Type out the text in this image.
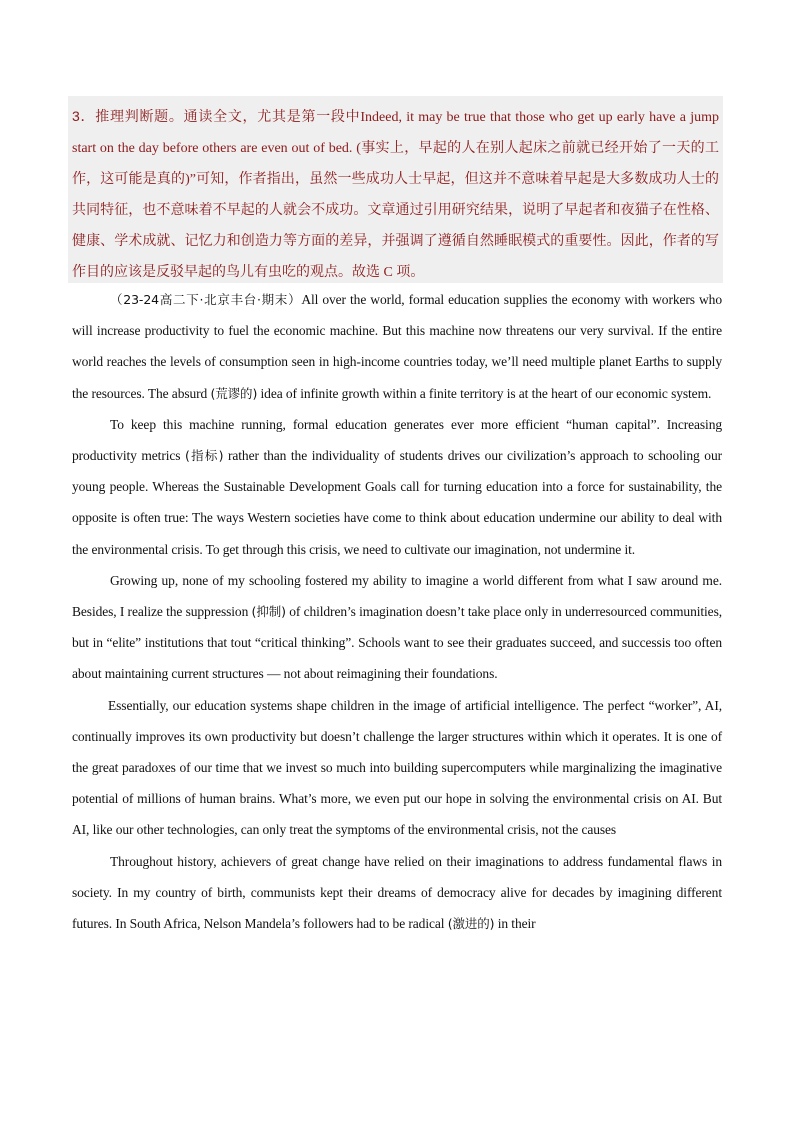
3．推理判断题。通读全文，尤其是第一段中Indeed, it may be true that those who get up early have a jump start on the day before others are even out of bed. (事实上，早起的人在别人起床之前就已经开始了一天的工作，这可能是真的)”可知，作者指出，虽然一些成功人士早起，但这并不意味着早起是大多数成功人士的共同特征，也不意味着不早起的人就会不成功。文章通过引用研究结果，说明了早起者和夜猫子在性格、健康、学术成就、记忆力和创造力等方面的差异，并强调了遵循自然睡眠模式的重要性。因此，作者的写作目的应该是反驳早起的鸟儿有虫吃的观点。故选 C 项。

（23-24高二下·北京丰台·期末）All over the world, formal education supplies the economy with workers who will increase productivity to fuel the economic machine. But this machine now threatens our very survival. If the entire world reaches the levels of consumption seen in high-income countries today, we’ll need multiple planet Earths to supply the resources. The absurd (荒谬的) idea of infinite growth within a finite territory is at the heart of our economic system.

To keep this machine running, formal education generates ever more efficient “human capital”. Increasing productivity metrics (指标) rather than the individuality of students drives our civilization’s approach to schooling our young people. Whereas the Sustainable Development Goals call for turning education into a force for sustainability, the opposite is often true: The ways Western societies have come to think about education undermine our ability to deal with the environmental crisis. To get through this crisis, we need to cultivate our imagination, not undermine it.

Growing up, none of my schooling fostered my ability to imagine a world different from what I saw around me. Besides, I realize the suppression (抑制) of children’s imagination doesn’t take place only in underresourced communities, but in “elite” institutions that tout “critical thinking”. Schools want to see their graduates succeed, and successis too often about maintaining current structures — not about reimagining their foundations.

Essentially, our education systems shape children in the image of artificial intelligence. The perfect “worker”, AI, continually improves its own productivity but doesn’t challenge the larger structures within which it operates. It is one of the great paradoxes of our time that we invest so much into building supercomputers while marginalizing the imaginative potential of millions of human brains. What’s more, we even put our hope in solving the environmental crisis on AI. But AI, like our other technologies, can only treat the symptoms of the environmental crisis, not the causes

Throughout history, achievers of great change have relied on their imaginations to address fundamental flaws in society. In my country of birth, communists kept their dreams of democracy alive for decades by imagining different futures. In South Africa, Nelson Mandela’s followers had to be radical (激进的) in their
